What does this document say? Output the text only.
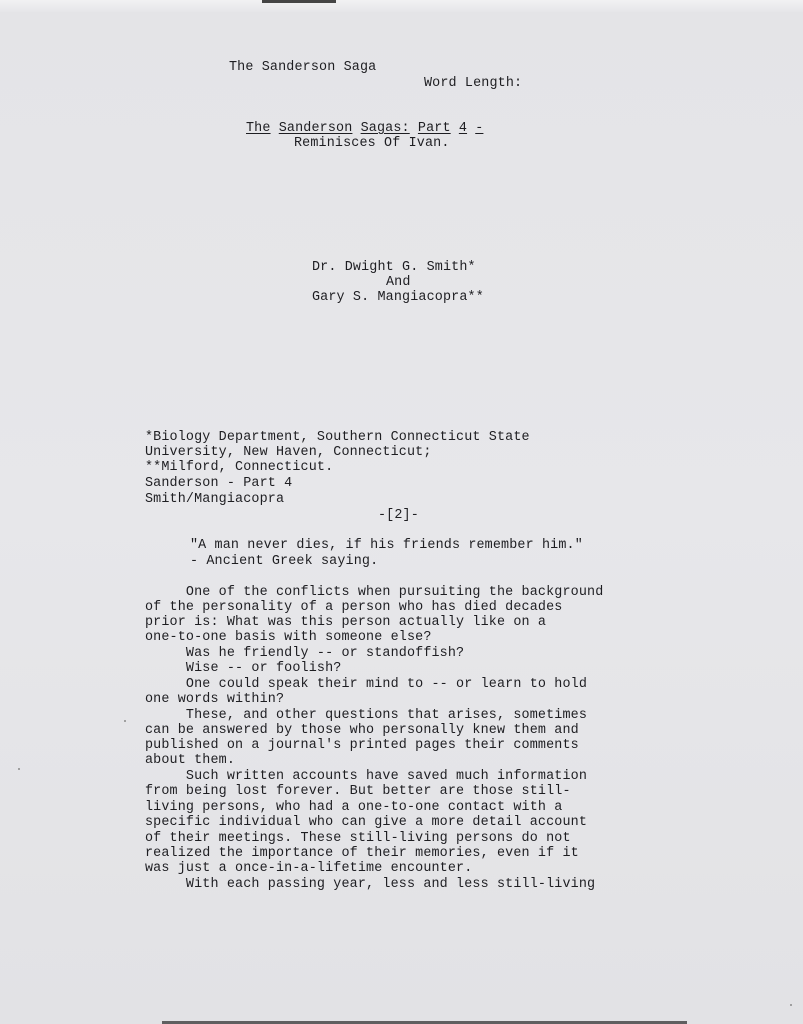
The Sanderson Saga
Word Length:
The Sanderson Sagas: Part 4 -
Reminisces Of Ivan.
Dr. Dwight G. Smith*
And
Gary S. Mangiacopra**
*Biology Department, Southern Connecticut State
University, New Haven, Connecticut;
**Milford, Connecticut.
Sanderson - Part 4
Smith/Mangiacopra
-[2]-
"A man never dies, if his friends remember him."
- Ancient Greek saying.
One of the conflicts when pursuiting the background
of the personality of a person who has died decades
prior is: What was this person actually like on a
one-to-one basis with someone else?
Was he friendly -- or standoffish?
Wise -- or foolish?
One could speak their mind to -- or learn to hold
one words within?
These, and other questions that arises, sometimes
can be answered by those who personally knew them and
published on a journal's printed pages their comments
about them.
Such written accounts have saved much information
from being lost forever. But better are those still-
living persons, who had a one-to-one contact with a
specific individual who can give a more detail account
of their meetings. These still-living persons do not
realized the importance of their memories, even if it
was just a once-in-a-lifetime encounter.
With each passing year, less and less still-living
